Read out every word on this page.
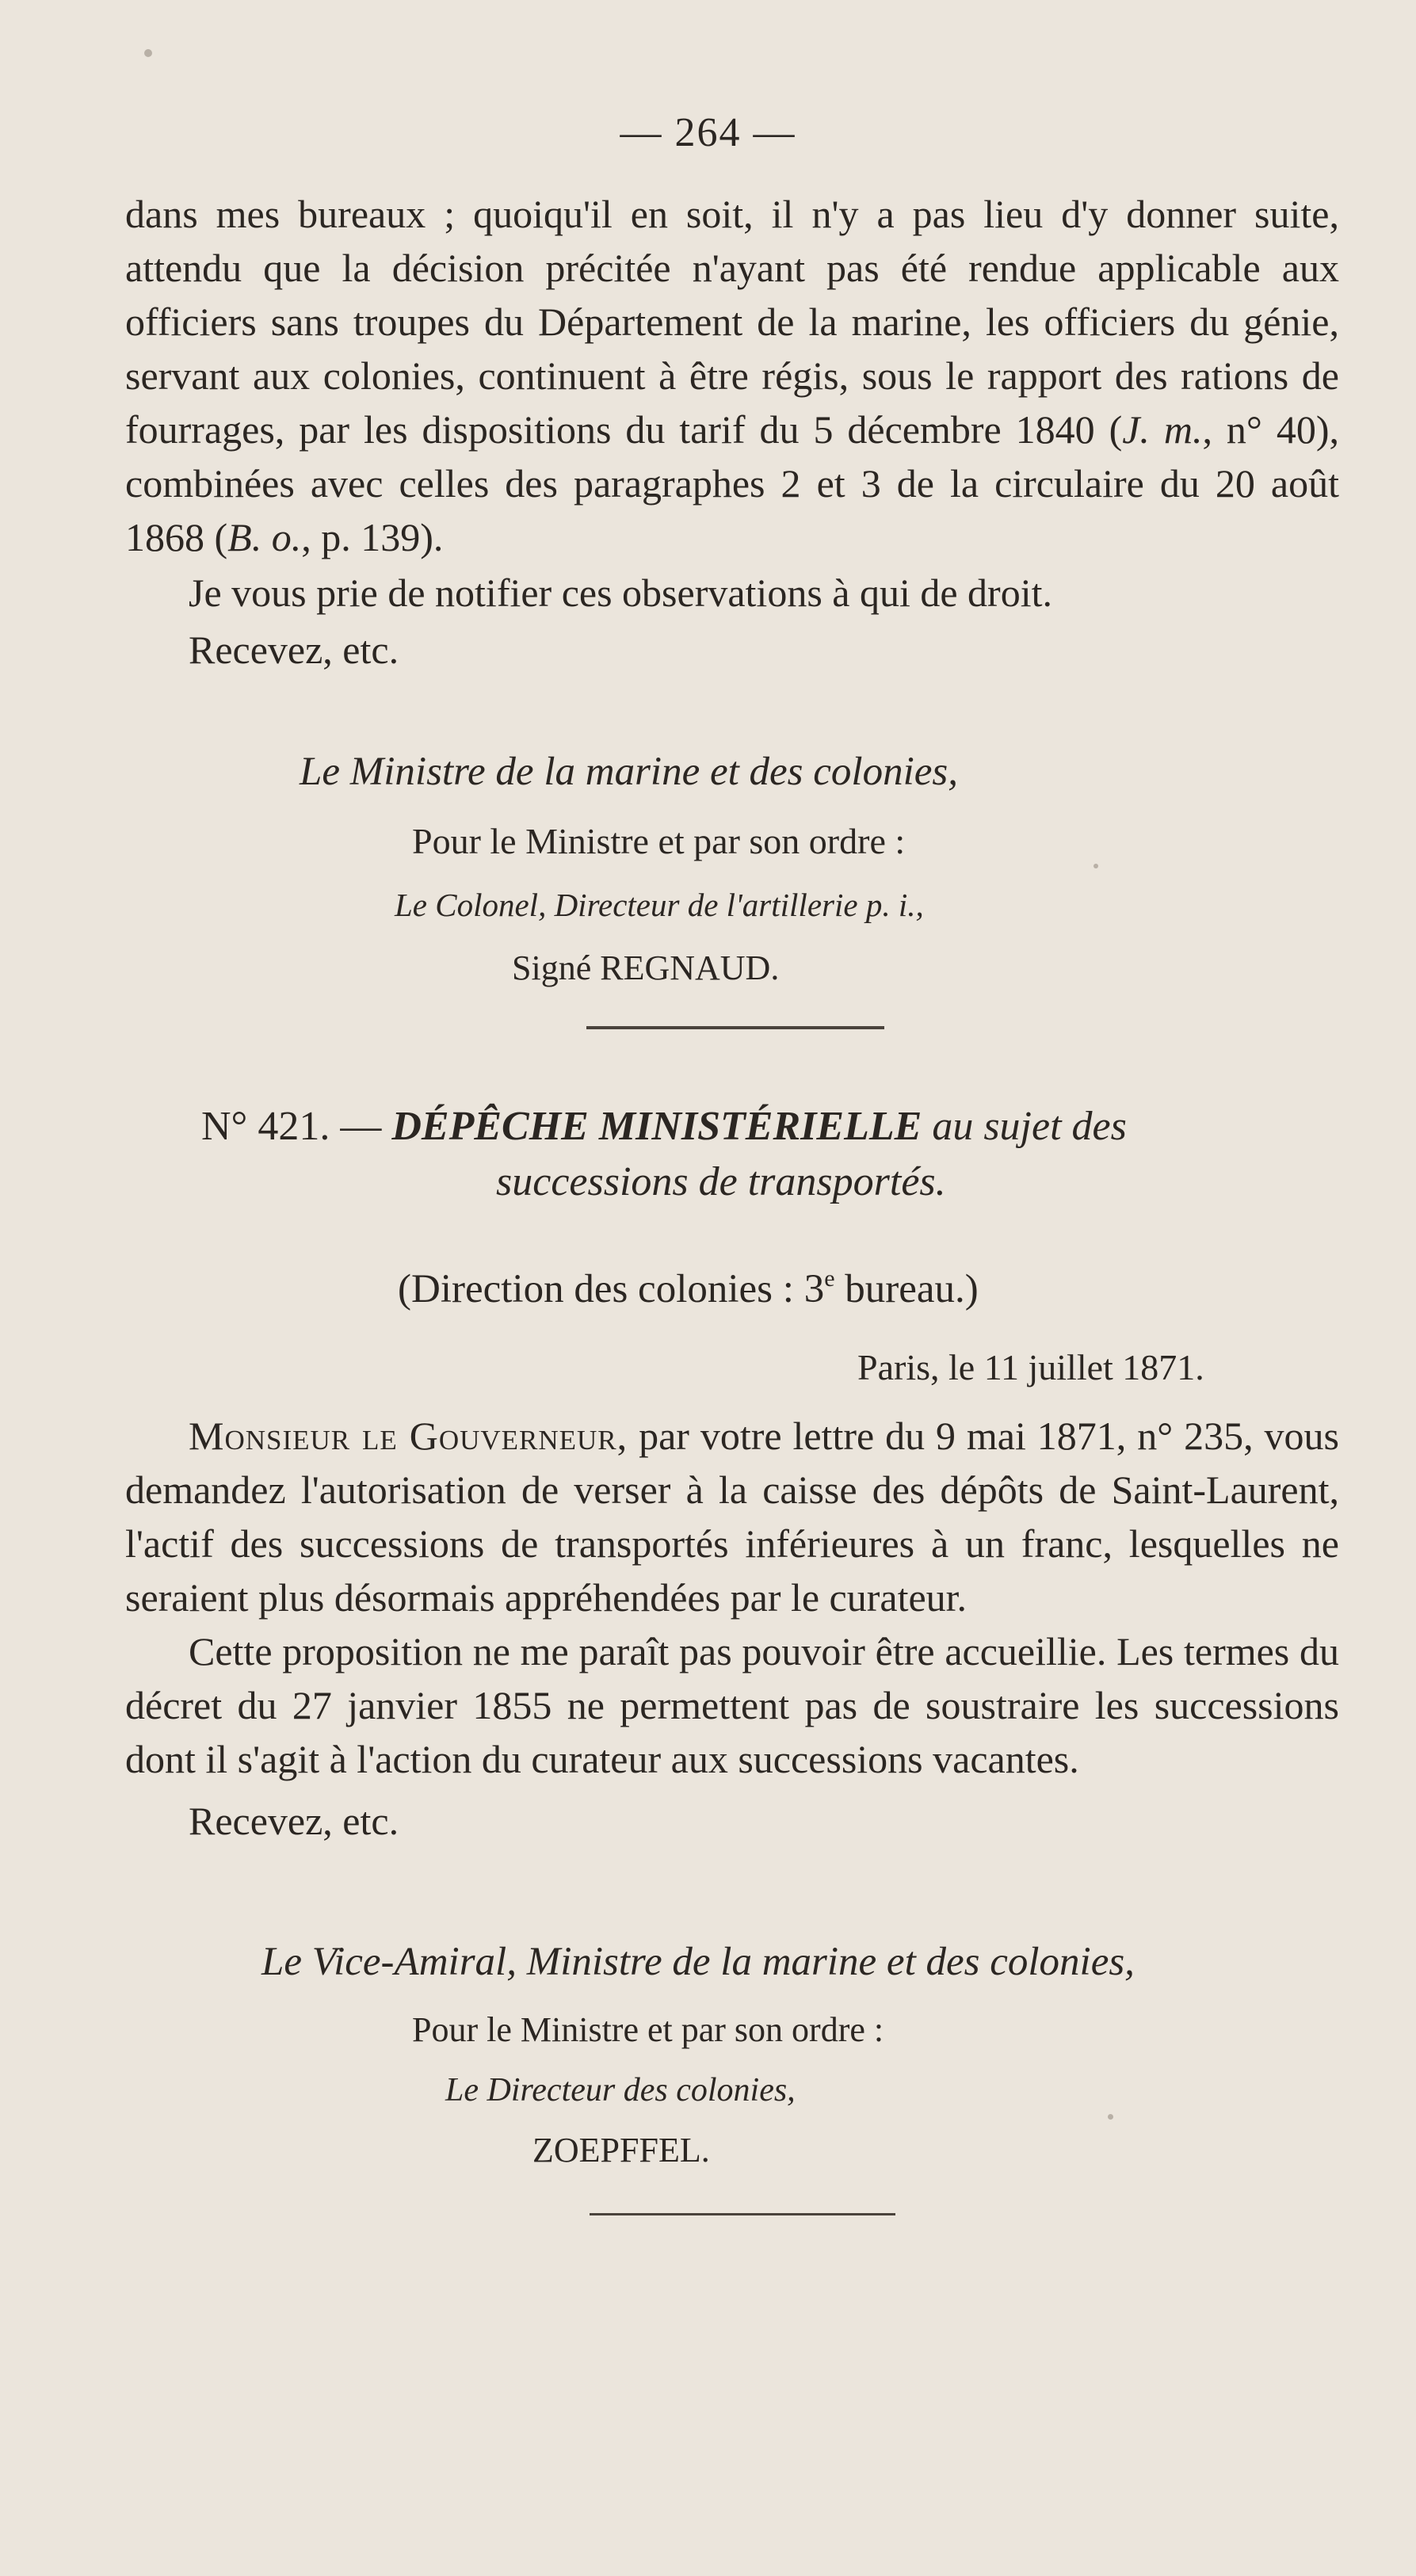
— 264 —

dans mes bureaux ; quoiqu'il en soit, il n'y a pas lieu d'y donner suite, attendu que la décision précitée n'ayant pas été rendue applicable aux officiers sans troupes du Département de la marine, les officiers du génie, servant aux colonies, continuent à être régis, sous le rapport des rations de fourrages, par les dispositions du tarif du 5 décembre 1840 (J. m., n° 40), combinées avec celles des paragraphes 2 et 3 de la circulaire du 20 août 1868 (B. o., p. 139).

Je vous prie de notifier ces observations à qui de droit.

Recevez, etc.

Le Ministre de la marine et des colonies,
Pour le Ministre et par son ordre :
Le Colonel, Directeur de l'artillerie p. i.,
Signé REGNAUD.
N° 421. — DÉPÊCHE MINISTÉRIELLE au sujet des
successions de transportés.
(Direction des colonies : 3e bureau.)
Paris, le 11 juillet 1871.

Monsieur le Gouverneur, par votre lettre du 9 mai 1871, n° 235, vous demandez l'autorisation de verser à la caisse des dépôts de Saint-Laurent, l'actif des successions de transportés inférieures à un franc, lesquelles ne seraient plus désormais appréhendées par le curateur.

Cette proposition ne me paraît pas pouvoir être accueillie. Les termes du décret du 27 janvier 1855 ne permettent pas de soustraire les successions dont il s'agit à l'action du curateur aux successions vacantes.

Recevez, etc.

Le Vice-Amiral, Ministre de la marine et des colonies,
Pour le Ministre et par son ordre :
Le Directeur des colonies,
ZOEPFFEL.
